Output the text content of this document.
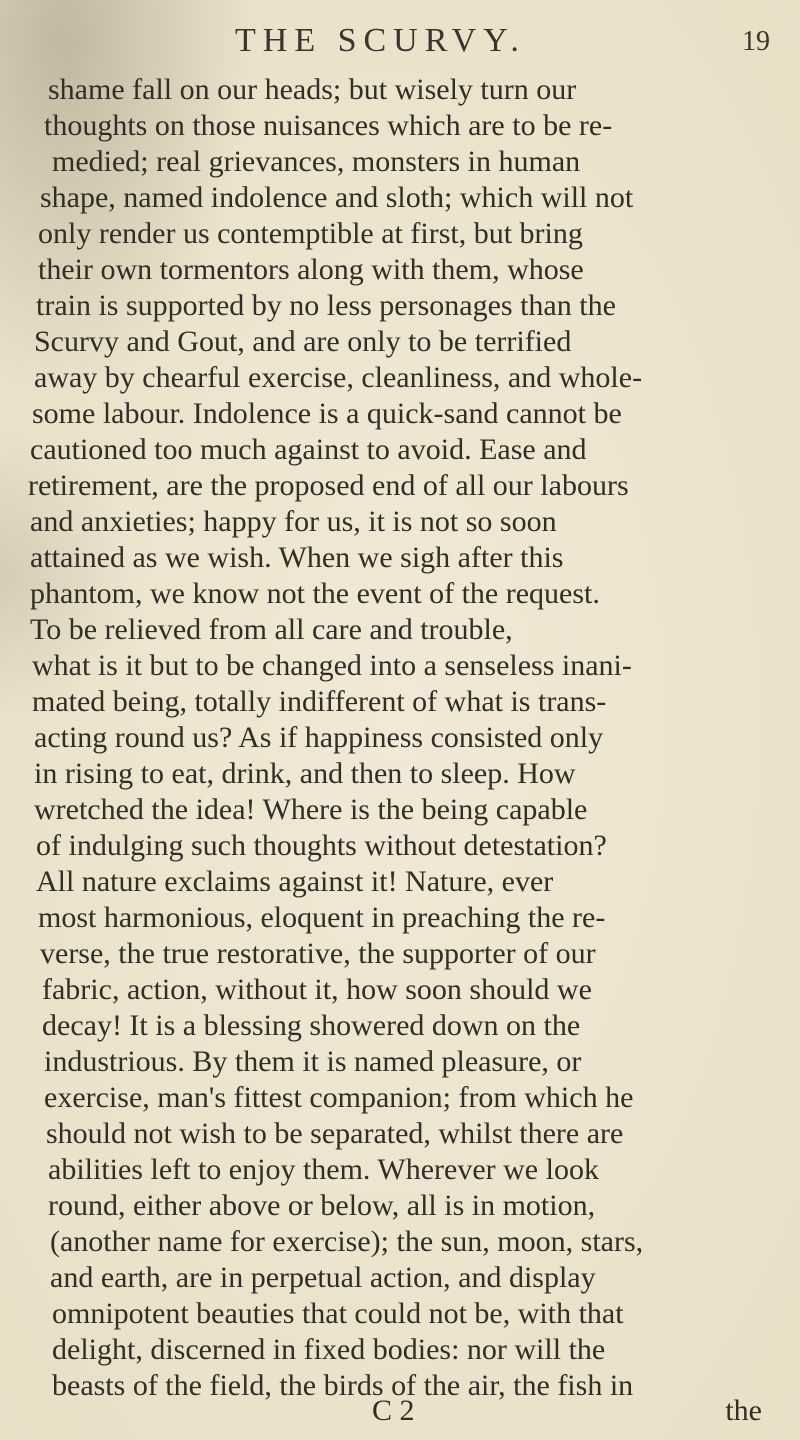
THE SCURVY.	19
shame fall on our heads; but wisely turn our
thoughts on those nuisances which are to be re-
medied; real grievances, monsters in human
shape, named indolence and sloth; which will not
only render us contemptible at first, but bring
their own tormentors along with them, whose
train is supported by no less personages than the
Scurvy and Gout, and are only to be terrified
away by chearful exercise, cleanliness, and whole-
some labour. Indolence is a quick-sand cannot be
cautioned too much against to avoid. Ease and
retirement, are the proposed end of all our labours
and anxieties; happy for us, it is not so soon
attained as we wish. When we sigh after this
phantom, we know not the event of the request.
To be relieved from all care and trouble,
what is it but to be changed into a senseless inani-
mated being, totally indifferent of what is trans-
acting round us? As if happiness consisted only
in rising to eat, drink, and then to sleep. How
wretched the idea! Where is the being capable
of indulging such thoughts without detestation?
All nature exclaims against it! Nature, ever
most harmonious, eloquent in preaching the re-
verse, the true restorative, the supporter of our
fabric, action, without it, how soon should we
decay! It is a blessing showered down on the
industrious. By them it is named pleasure, or
exercise, man's fittest companion; from which he
should not wish to be separated, whilst there are
abilities left to enjoy them. Wherever we look
round, either above or below, all is in motion,
(another name for exercise); the sun, moon, stars,
and earth, are in perpetual action, and display
omnipotent beauties that could not be, with that
delight, discerned in fixed bodies: nor will the
beasts of the field, the birds of the air, the fish in
C 2	the
